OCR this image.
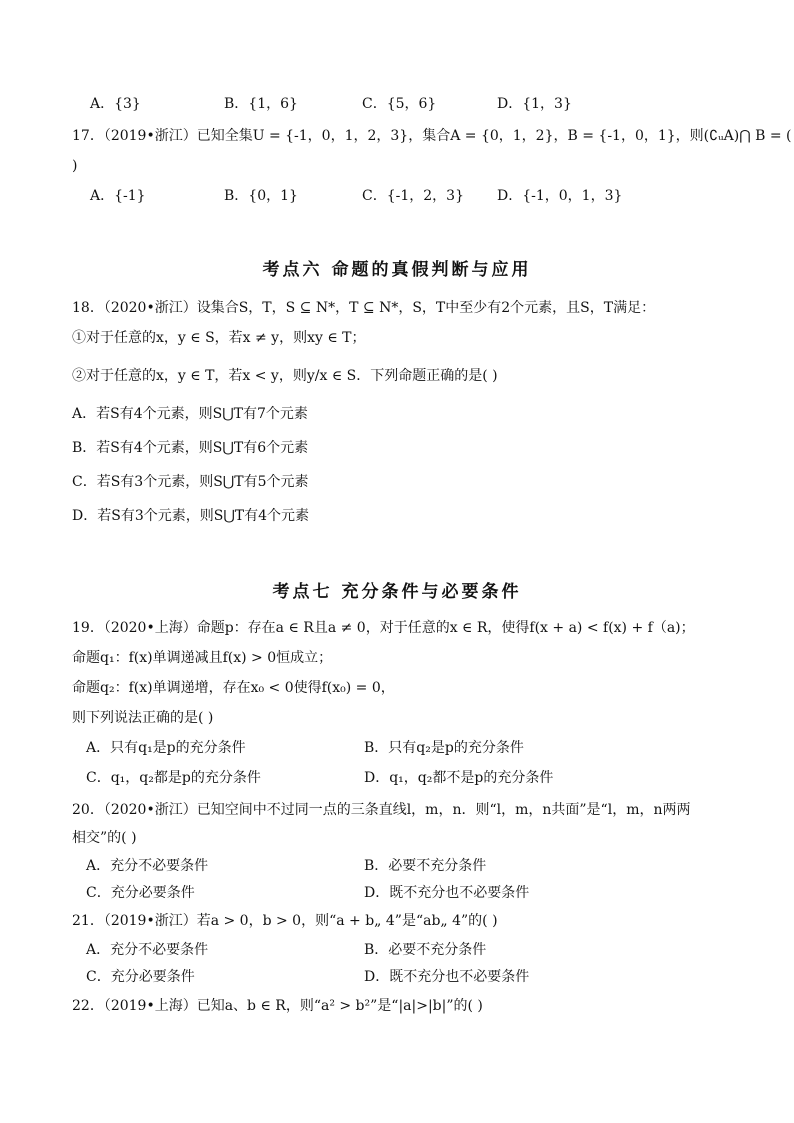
A．{3}	B．{1，6}	C．{5，6}	D．{1，3}
17．（2019•浙江）已知全集U = {-1，0，1，2，3}，集合A = {0，1，2}，B = {-1，0，1}，则(∁ᵤA)⋂ B = (
)
A．{-1}	B．{0，1}	C．{-1，2，3} D．{-1，0，1，3}
考点六 命题的真假判断与应用
18．（2020•浙江）设集合S，T，S ⊆ N*，T ⊆ N*，S，T中至少有2个元素，且S，T满足：
①对于任意的x，y ∈ S，若x ≠ y，则xy ∈ T；
②对于任意的x，y ∈ T，若x < y，则y/x ∈ S．下列命题正确的是( )
A．若S有4个元素，则S⋃T有7个元素
B．若S有4个元素，则S⋃T有6个元素
C．若S有3个元素，则S⋃T有5个元素
D．若S有3个元素，则S⋃T有4个元素
考点七 充分条件与必要条件
19．（2020•上海）命题p：存在a ∈ R且a ≠ 0，对于任意的x ∈ R，使得f(x + a) < f(x) + f（a)；
命题q₁：f(x)单调递减且f(x) > 0恒成立；
命题q₂：f(x)单调递增，存在x₀ < 0使得f(x₀) = 0，
则下列说法正确的是( )
A．只有q₁是p的充分条件	B．只有q₂是p的充分条件
C．q₁，q₂都是p的充分条件	D．q₁，q₂都不是p的充分条件
20．（2020•浙江）已知空间中不过同一点的三条直线l，m，n．则“l，m，n共面”是“l，m，n两两
相交”的( )
A．充分不必要条件	B．必要不充分条件
C．充分必要条件	D．既不充分也不必要条件
21．（2019•浙江）若a > 0，b > 0，则“a + b„ 4”是“ab„ 4”的( )
A．充分不必要条件	B．必要不充分条件
C．充分必要条件	D．既不充分也不必要条件
22．（2019•上海）已知a、b ∈ R，则“a² > b²”是“|a|>|b|”的( )
